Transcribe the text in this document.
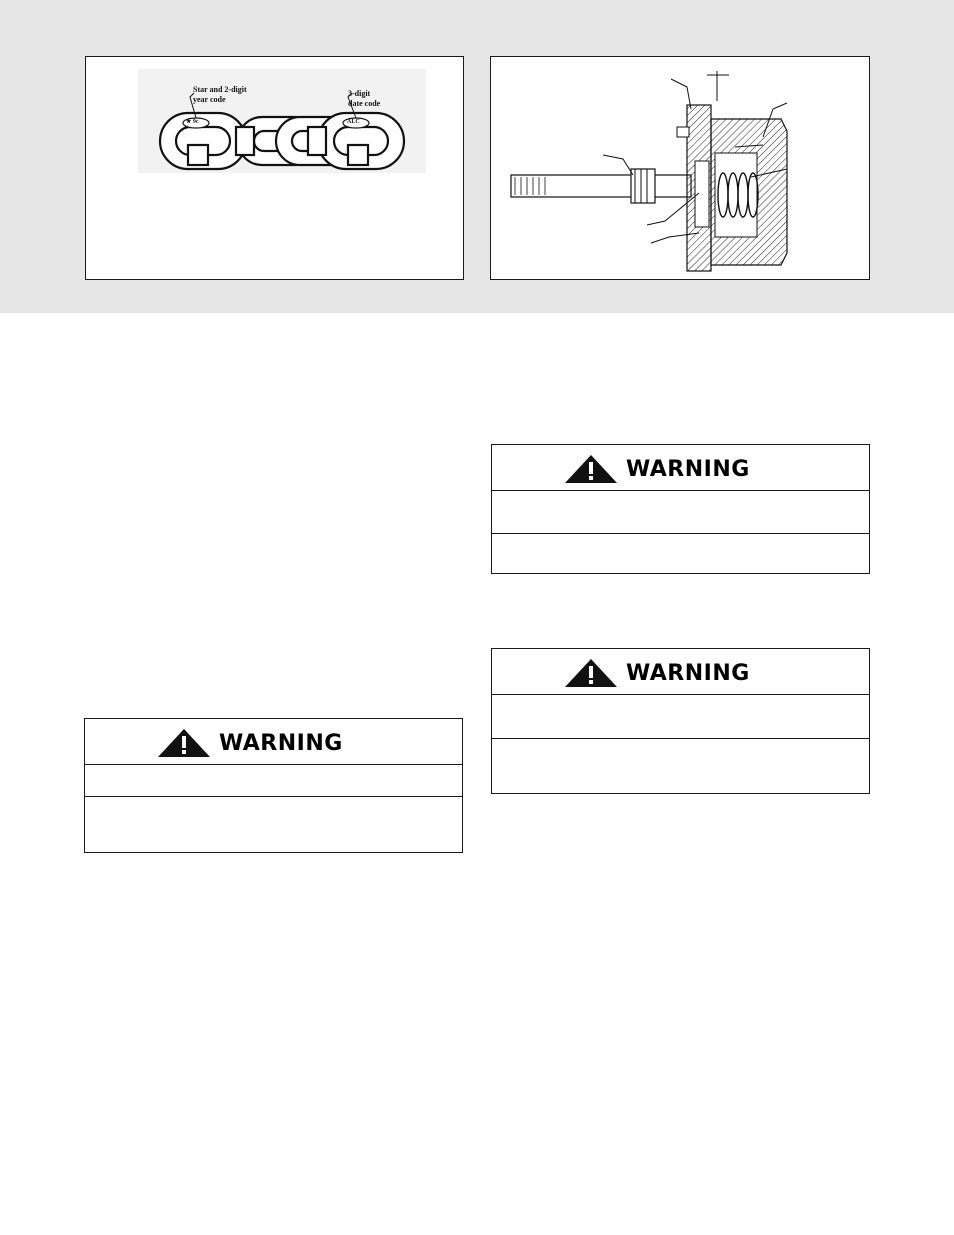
Star and 2-digit
year code
3-digit
date code
★ 9c	ALC
WARNING
WARNING
WARNING
